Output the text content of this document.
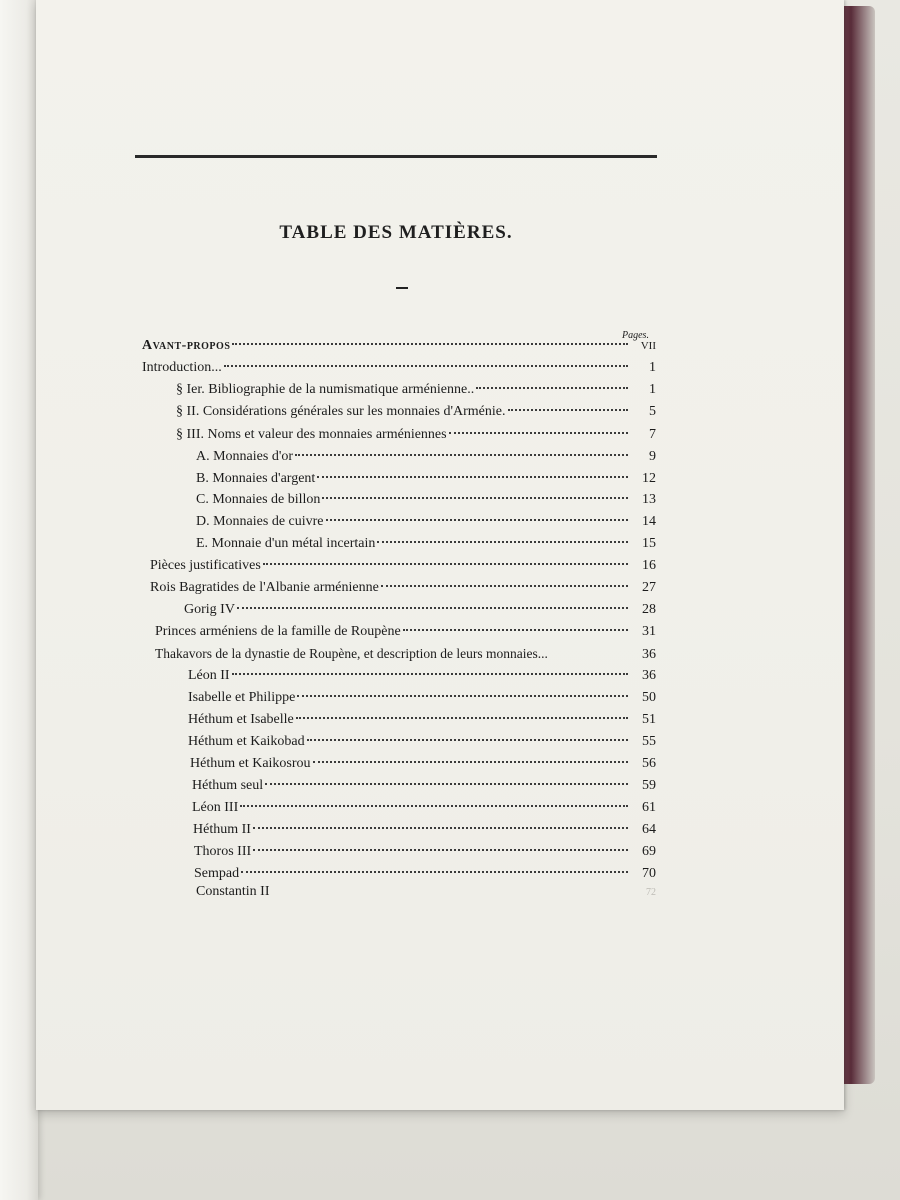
TABLE DES MATIÈRES.
Pages.
Avant-propos	VII
Introduction...	1
§ Ier. Bibliographie de la numismatique arménienne..	1
§ II. Considérations générales sur les monnaies d'Arménie.	5
§ III. Noms et valeur des monnaies arméniennes	7
A. Monnaies d'or	9
B. Monnaies d'argent	12
C. Monnaies de billon	13
D. Monnaies de cuivre	14
E. Monnaie d'un métal incertain	15
Pièces justificatives	16
Rois Bagratides de l'Albanie arménienne	27
Gorig IV	28
Princes arméniens de la famille de Roupène	31
Thakavors de la dynastie de Roupène, et description de leurs monnaies...	36
Léon II	36
Isabelle et Philippe	50
Héthum et Isabelle	51
Héthum et Kaikobad	55
Héthum et Kaikosrou	56
Héthum seul	59
Léon III	61
Héthum II	64
Thoros III	69
Sempad	70
Constantin II	72
